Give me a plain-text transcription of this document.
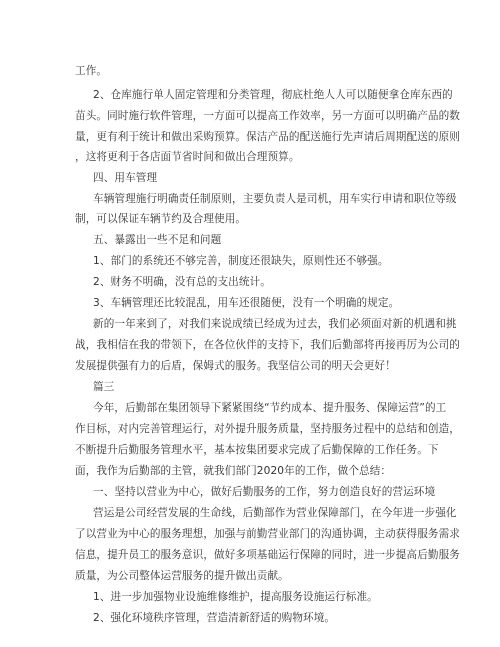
工作。
2、仓库施行单人固定管理和分类管理，彻底杜绝人人可以随便拿仓库东西的
苗头。同时施行软件管理，一方面可以提高工作效率，另一方面可以明确产品的数
量，更有利于统计和做出采购预算。保洁产品的配送施行先声请后周期配送的原则
，这将更利于各店面节省时间和做出合理预算。
四、用车管理
车辆管理施行明确责任制原则，主要负责人是司机，用车实行申请和职位等级
制，可以保证车辆节约及合理使用。
五、暴露出一些不足和问题
1、部门的系统还不够完善，制度还很缺失，原则性还不够强。
2、财务不明确，没有总的支出统计。
3、车辆管理还比较混乱，用车还很随便，没有一个明确的规定。
新的一年来到了，对我们来说成绩已经成为过去，我们必须面对新的机遇和挑
战，我相信在我的带领下，在各位伙伴的支持下，我们后勤部将再接再厉为公司的
发展提供强有力的后盾，保姆式的服务。我坚信公司的明天会更好！
篇三
今年，后勤部在集团领导下紧紧围绕“节约成本、提升服务、保障运营”的工
作目标，对内完善管理运行，对外提升服务质量，坚持服务过程中的总结和创造，
不断提升后勤服务管理水平，基本按集团要求完成了后勤保障的工作任务。下
面，我作为后勤部的主管，就我们部门2020年的工作，做个总结：
一、坚持以营业为中心，做好后勤服务的工作，努力创造良好的营运环境
营运是公司经营发展的生命线，后勤部作为营业保障部门，在今年进一步强化
了以营业为中心的服务理想，加强与前勤营业部门的沟通协调，主动获得服务需求
信息，提升员工的服务意识，做好多项基础运行保障的同时，进一步提高后勤服务
质量，为公司整体运营服务的提升做出贡献。
1、进一步加强物业设施维修维护，提高服务设施运行标准。
2、强化环境秩序管理，营造清新舒适的购物环境。
